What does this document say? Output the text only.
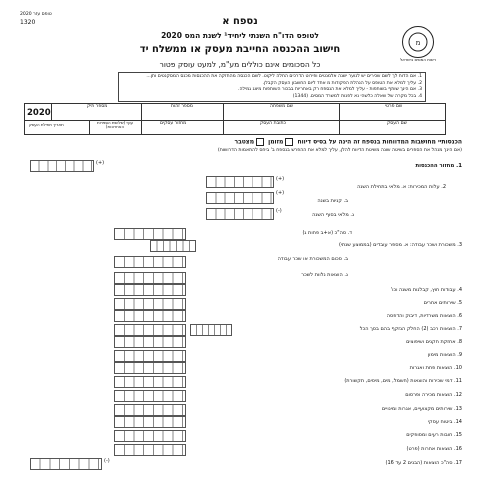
מ
רשות המסים בישראל
טופס עזר 2020
1320	נספח א
לטופס הדו"ח השנתי ליחיד¹ לשנת המס 2020
חישוב ההכנסה החייבת מעסק או ממשלח יד
כל הסכומים אינם כוללים מע"מ, למעט עוסק פטור
1. אם הדוח לך לשם שכירים יש לנוער ישנה אלמנטים ופירוט הדרכים החלה ליקוט. לשם הכנסה מהחזקה את ההכנסות מכנס המסקנטים ותן...
2. עליך למלא את הטופס על הנהלת הפקודות מ אחד ליום החשבון העסק הקבלן.
3. אם הינך שותף בשותפות - עליך למלא את הנספח רק באחריות בבכור השותפות מיצג גמילה.
4. בכל מקרה של שאלה כלשהי נא לפנות למשרד המסים. (1344)
שם פרטי
שם משפחה
מספר זהות
מספר תיק
2020
שם העסק
כתובת העסק
מחזור עסקים
ענף (שלושת הספרות האחרונות)
תאריך תחילת העסק
הכנסותיי מחושבות המדווחות בנספח זה הינה על בסיס דיווח מזומן מצטבר
(אם הינך מנהל את הספרים בשיטה שונה משיטת הדיווח להלן, עליך למלא את ההפרש בנספח ב' ביחס להתאמות הדרושות)
(+)	1. מחזור ההכנסות
(+)
2. עלות המכירות: א. מלאי בתחילת השנה
(+)
ב. קניות בשנה
(-)
ג. מלאי בסוף השנה
ד. סה"כ (א+ב פחות ג)
3. משכורת ושכר עבודה: א. מספר עובדים (בממוצע שנתי)
ב. סכום המשכורת או שכר עבודה
ג. הוצאות נלוות לשכר
4. עבודות חוץ, קבלנות משנה וכו'
5. שירותים אחרים
6. הוצאות משרדיות, דיבוק והדפסה
7. הוצאות רכב (2) החלק הנזקף בהם בסך הכל
8. אחזקת חקנים ושיפוצים
9. הוצאות מימון
10. הוצאות פחת ואגרות
11. דמי שכירות והוצאות (חשמל, מים, מיסים, תקשורת)
12. הוצאות מכירה ופרסום
13. שירותים מקצועיים, אגרות ומינויים
14. ביטוח עסקי
15. חובות רעים ומסופקים
16. הוצאות אחרות (פרט)
(-)	17. סה"כ הוצאות (הבנים 2 עד 16)
